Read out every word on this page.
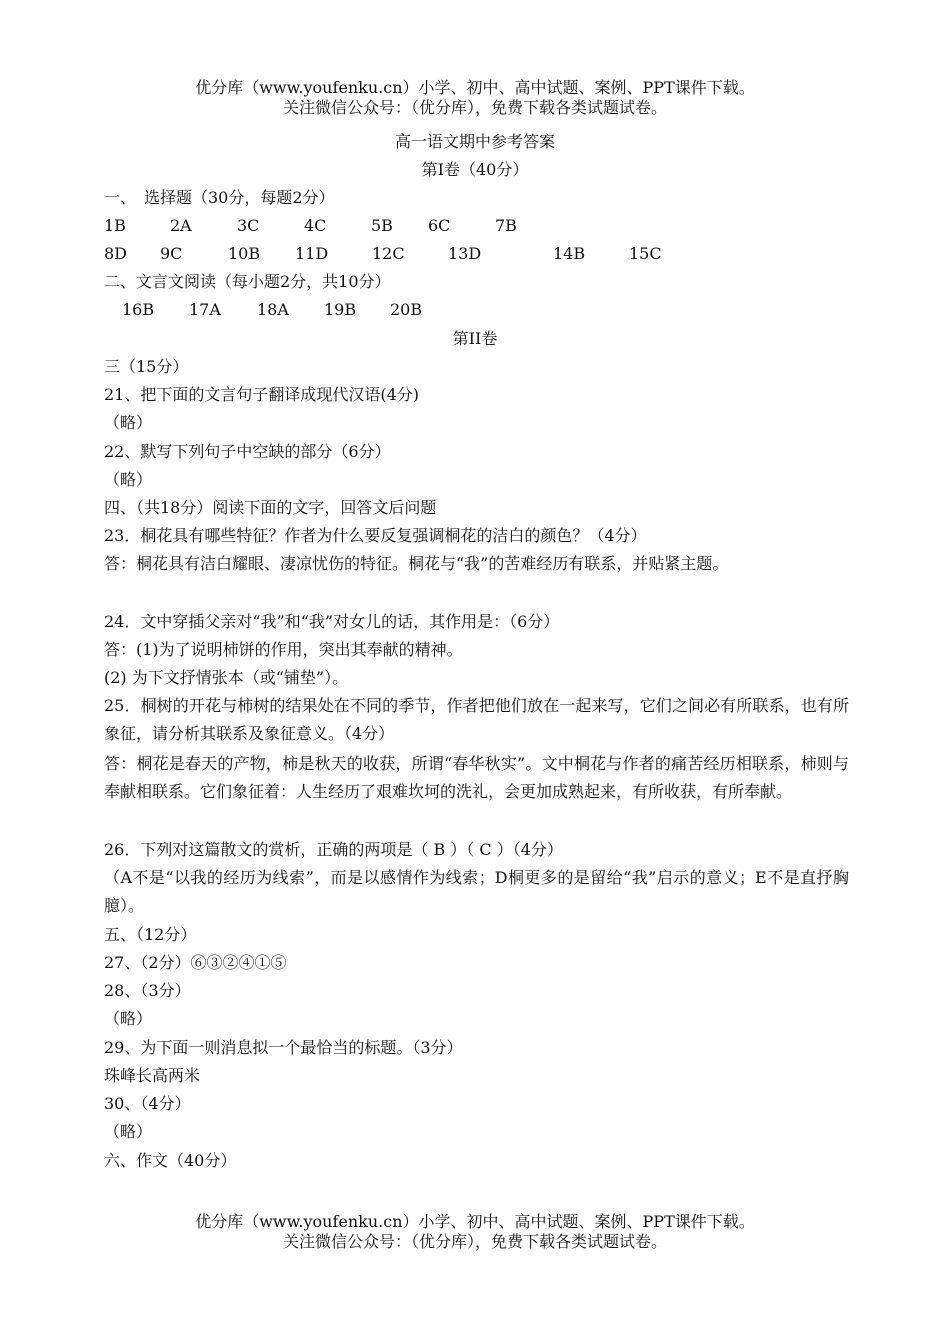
优分库（www.youfenku.cn）小学、初中、高中试题、案例、PPT课件下载。
关注微信公众号：（优分库），免费下载各类试题试卷。
高一语文期中参考答案
第Ⅰ卷（40分）
一、　选择题（30分，每题2分）
1B	2A	3C	4C	5B 6C	7B
8D 9C	10B 11D	12C	13D	14B	15C
二、文言文阅读（每小题2分，共10分）
16B 17A 18A 19B 20B
第II卷
三（15分）
21、把下面的文言句子翻译成现代汉语(4分)
（略）
22、默写下列句子中空缺的部分（6分）
（略）
四、（共18分）阅读下面的文字，回答文后问题
23．桐花具有哪些特征？作者为什么要反复强调桐花的洁白的颜色？（4分）
答：桐花具有洁白耀眼、凄凉忧伤的特征。桐花与“我”的苦难经历有联系，并贴紧主题。
24．文中穿插父亲对“我”和“我”对女儿的话，其作用是：（6分）
答：(1)为了说明柿饼的作用，突出其奉献的精神。
(2) 为下文抒情张本（或“铺垫”）。
25．桐树的开花与柿树的结果处在不同的季节，作者把他们放在一起来写，它们之间必有所联系，也有所象征，请分析其联系及象征意义。（4分）
答：桐花是春天的产物，柿是秋天的收获，所谓“春华秋实”。文中桐花与作者的痛苦经历相联系，柿则与奉献相联系。它们象征着：人生经历了艰难坎坷的洗礼，会更加成熟起来，有所收获，有所奉献。
26．下列对这篇散文的赏析，正确的两项是（ B ）（ C ）（4分）
（A不是“以我的经历为线索”，而是以感情作为线索；D桐更多的是留给“我”启示的意义；E不是直抒胸臆）。
五、（12分）
27、（2分）⑥③②④①⑤
28、（3分）
（略）
29、为下面一则消息拟一个最恰当的标题。（3分）
珠峰长高两米
30、（4分）
（略）
六、作文（40分）
优分库（www.youfenku.cn）小学、初中、高中试题、案例、PPT课件下载。
关注微信公众号：（优分库），免费下载各类试题试卷。
